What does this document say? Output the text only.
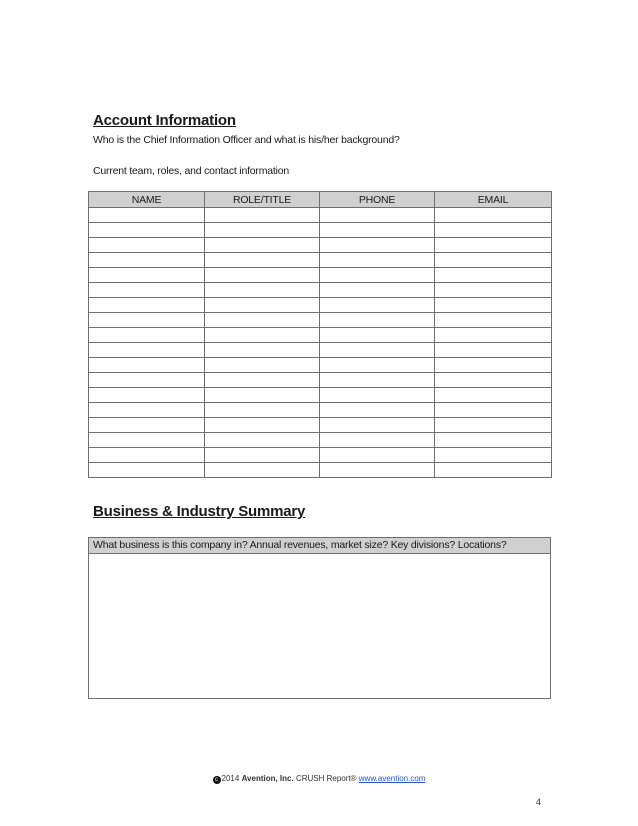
Account Information

Who is the Chief Information Officer and what is his/her background?

Current team, roles, and contact information

NAME	ROLE/TITLE	PHONE	EMAIL

Business & Industry Summary
What business is this company in? Annual revenues, market size? Key divisions? Locations?
c 2014 Avention, Inc. CRUSH Report® www.avention.com
4
